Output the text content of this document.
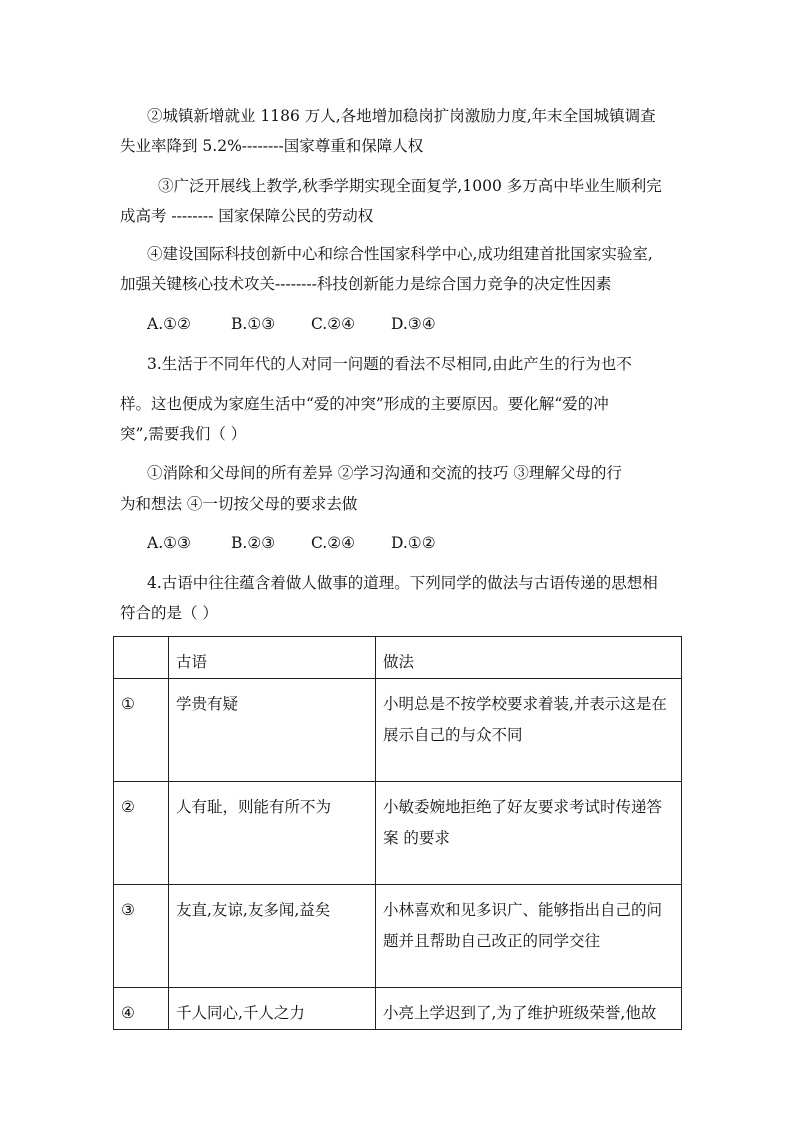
②城镇新增就业 1186 万人,各地增加稳岗扩岗激励力度,年末全国城镇调查
失业率降到 5.2%--------国家尊重和保障人权
③广泛开展线上教学,秋季学期实现全面复学,1000 多万高中毕业生顺利完
成高考 -------- 国家保障公民的劳动权
④建设国际科技创新中心和综合性国家科学中心,成功组建首批国家实验室,
加强关键核心技术攻关--------科技创新能力是综合国力竞争的决定性因素
A.①②	B.①③ C.②④ D.③④
3.生活于不同年代的人对同一问题的看法不尽相同,由此产生的行为也不
样。这也便成为家庭生活中“爱的冲突”形成的主要原因。要化解“爱的冲
突”,需要我们（ ）
①消除和父母间的所有差异 ②学习沟通和交流的技巧 ③理解父母的行
为和想法 ④一切按父母的要求去做
A.①③	B.②③ C.②④ D.①②
4.古语中往往蕴含着做人做事的道理。下列同学的做法与古语传递的思想相
符合的是（ ）
	古语	做法
①	学贵有疑	小明总是不按学校要求着装,并表示这是在展示自己的与众不同
②	人有耻，则能有所不为	小敏委婉地拒绝了好友要求考试时传递答案 的要求
③	友直,友谅,友多闻,益矣	小林喜欢和见多识广、能够指出自己的问题并且帮助自己改正的同学交往
④	千人同心,千人之力	小亮上学迟到了,为了维护班级荣誉,他故
